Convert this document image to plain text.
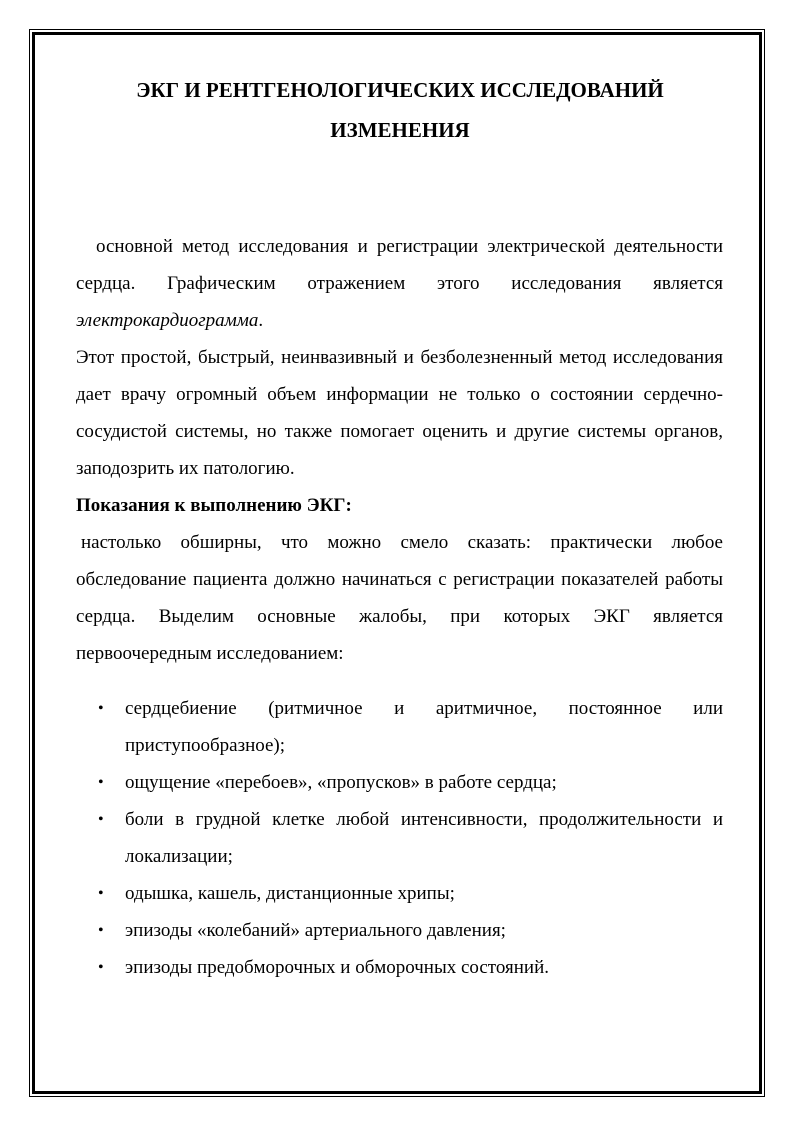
ЭКГ И РЕНТГЕНОЛОГИЧЕСКИХ ИССЛЕДОВАНИЙ
ИЗМЕНЕНИЯ

основной метод исследования и регистрации электрической деятельности сердца. Графическим отражением этого исследования является электрокардиограмма.

Этот простой, быстрый, неинвазивный и безболезненный метод исследования дает врачу огромный объем информации не только о состоянии сердечно-сосудистой системы, но также помогает оценить и другие системы органов, заподозрить их патологию.

Показания к выполнению ЭКГ:

настолько обширны, что можно смело сказать: практически любое обследование пациента должно начинаться с регистрации показателей работы сердца. Выделим основные жалобы, при которых ЭКГ является первоочередным исследованием:

• сердцебиение (ритмичное и аритмичное, постоянное или приступообразное);
• ощущение «перебоев», «пропусков» в работе сердца;
• боли в грудной клетке любой интенсивности, продолжительности и локализации;
• одышка, кашель, дистанционные хрипы;
• эпизоды «колебаний» артериального давления;
• эпизоды предобморочных и обморочных состояний.
